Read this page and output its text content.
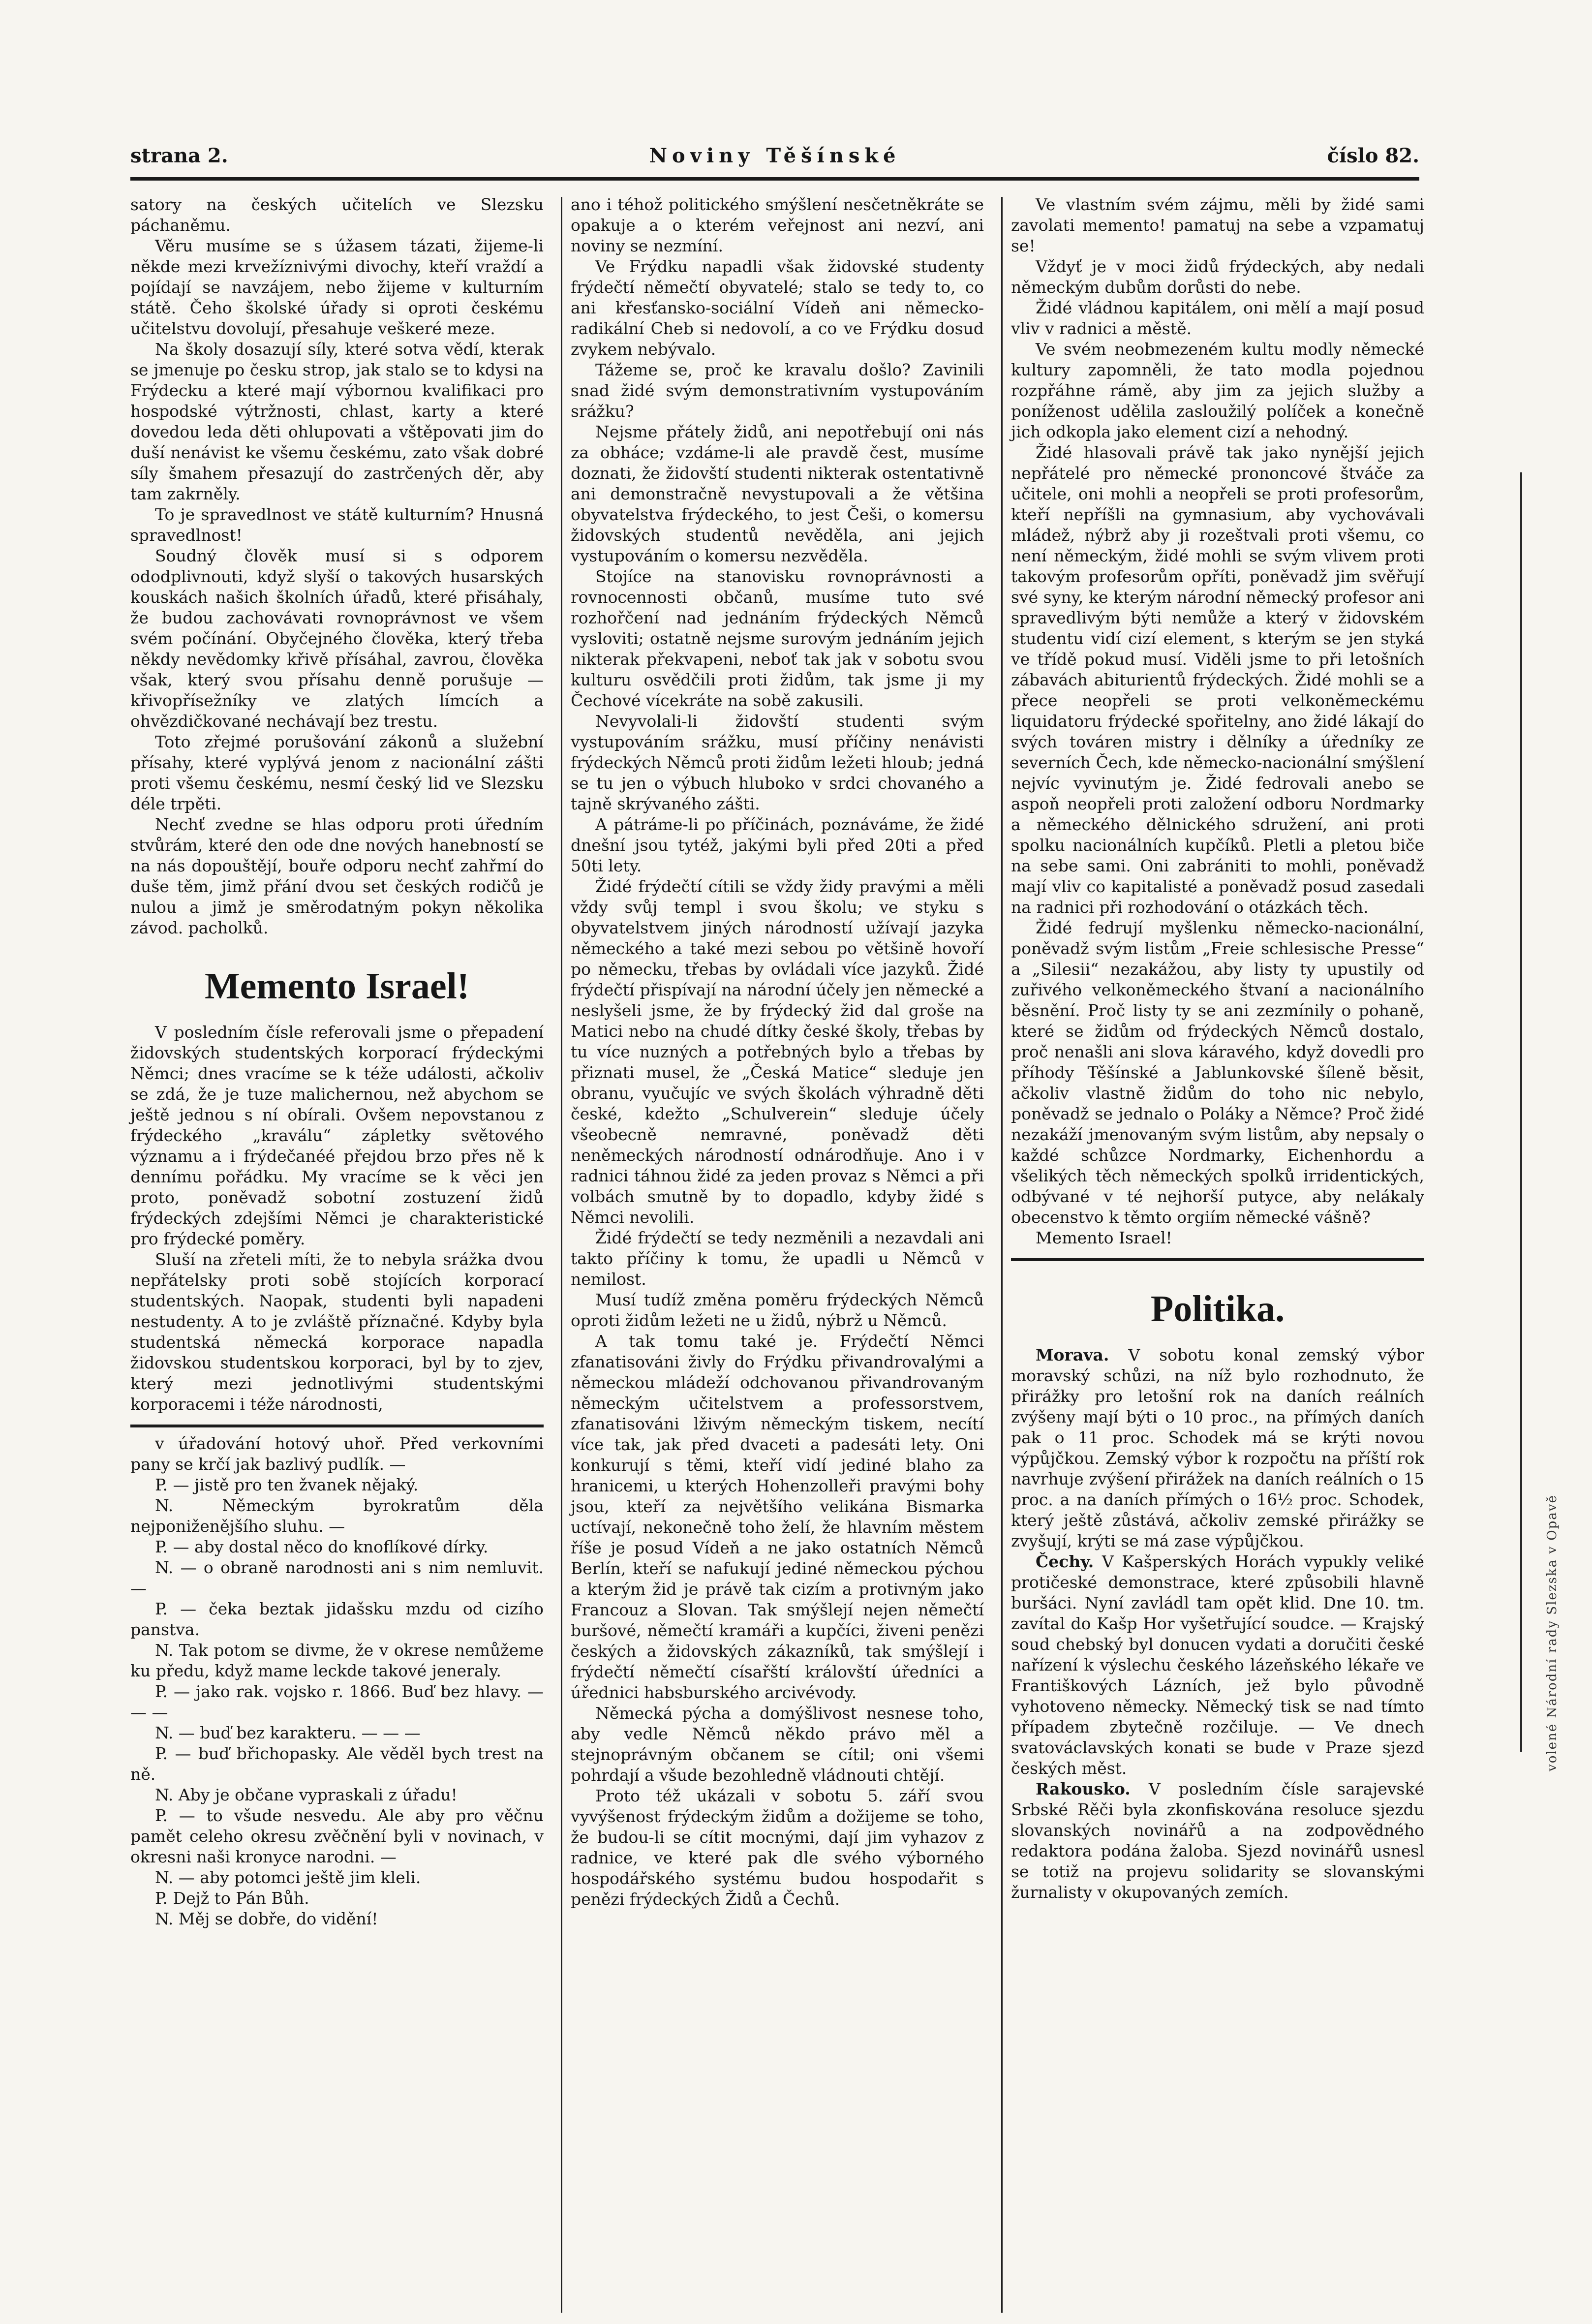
strana 2.	Noviny Těšínské	číslo 82.

satory na českých učitelích ve Slezsku páchaněmu.

Věru musíme se s úžasem tázati, žijeme-li někde mezi krvežíznivými divochy, kteří vraždí a pojídají se navzájem, nebo žijeme v kulturním státě. Čeho školské úřady si oproti českému učitelstvu dovolují, přesahuje veškeré meze.

Na školy dosazují síly, které sotva vědí, kterak se jmenuje po česku strop, jak stalo se to kdysi na Frýdecku a které mají výbornou kvalifikaci pro hospodské výtržnosti, chlast, karty a které dovedou leda děti ohlupovati a vštěpovati jim do duší nenávist ke všemu českému, zato však dobré síly šmahem přesazují do zastrčených děr, aby tam zakrněly.

To je spravedlnost ve státě kulturním? Hnusná spravedlnost!

Soudný člověk musí si s odporem ododplivnouti, když slyší o takových husarských kouskách našich školních úřadů, které přisáhaly, že budou zachovávati rovnoprávnost ve všem svém počínání. Obyčejného člověka, který třeba někdy nevědomky křivě přísáhal, zavrou, člověka však, který svou přísahu denně porušuje — křivopřísežníky ve zlatých límcích a ohvězdičkované nechávají bez trestu.

Toto zřejmé porušování zákonů a služební přísahy, které vyplývá jenom z nacionální zášti proti všemu českému, nesmí český lid ve Slezsku déle trpěti.

Nechť zvedne se hlas odporu proti úředním stvůrám, které den ode dne nových hanebností se na nás dopouštějí, bouře odporu nechť zahřmí do duše těm, jimž přání dvou set českých rodičů je nulou a jimž je směrodatným pokyn několika závod. pacholků.

Memento Israel!

V posledním čísle referovali jsme o přepadení židovských studentských korporací frýdeckými Němci; dnes vracíme se k téže události, ačkoliv se zdá, že je tuze malichernou, než abychom se ještě jednou s ní obírali. Ovšem nepovstanou z frýdeckého „kraválu“ zápletky světového významu a i frýdečanéé přejdou brzo přes ně k dennímu pořádku. My vracíme se k věci jen proto, poněvadž sobotní zostuzení židů frýdeckých zdejšími Němci je charakteristické pro frýdecké poměry.

Sluší na zřeteli míti, že to nebyla srážka dvou nepřátelsky proti sobě stojících korporací studentských. Naopak, studenti byli napadeni nestudenty. A to je zvláště příznačné. Kdyby byla studentská německá korporace napadla židovskou studentskou korporaci, byl by to zjev, který mezi jednotlivými studentskými korporacemi i téže národnosti,

v úřadování hotový uhoř. Před verkovními pany se krčí jak bazlivý pudlík. —

P. — jistě pro ten žvanek nějaký.

N. Německým byrokratům děla nejponiženějšího sluhu. —

P. — aby dostal něco do knoflíkové dírky.

N. — o obraně narodnosti ani s nim nemluvit. —

P. — čeka beztak jidašsku mzdu od cizího panstva.

N. Tak potom se divme, že v okrese nemůžeme ku předu, když mame leckde takové jeneraly.

P. — jako rak. vojsko r. 1866. Buď bez hlavy. — — —

N. — buď bez karakteru. — — —

P. — buď břichopasky. Ale věděl bych trest na ně.

N. Aby je občane vypraskali z úřadu!

P. — to všude nesvedu. Ale aby pro věčnu pamět celeho okresu zvěčnění byli v novinach, v okresni naši kronyce narodni. —

N. — aby potomci ještě jim kleli.

P. Dejž to Pán Bůh.

N. Měj se dobře, do vidění!

ano i téhož politického smýšlení nesčetněkráte se opakuje a o kterém veřejnost ani nezví, ani noviny se nezmíní.

Ve Frýdku napadli však židovské studenty frýdečtí němečtí obyvatelé; stalo se tedy to, co ani křesťansko-sociální Vídeň ani německo-radikální Cheb si nedovolí, a co ve Frýdku dosud zvykem nebývalo.

Tážeme se, proč ke kravalu došlo? Zavinili snad židé svým demonstrativním vystupováním srážku?

Nejsme přátely židů, ani nepotřebují oni nás za obháce; vzdáme-li ale pravdě čest, musíme doznati, že židovští studenti nikterak ostentativně ani demonstračně nevystupovali a že většina obyvatelstva frýdeckého, to jest Češi, o komersu židovských studentů nevěděla, ani jejich vystupováním o komersu nezvěděla.

Stojíce na stanovisku rovnoprávnosti a rovnocennosti občanů, musíme tuto své rozhořčení nad jednáním frýdeckých Němců vysloviti; ostatně nejsme surovým jednáním jejich nikterak překvapeni, neboť tak jak v sobotu svou kulturu osvědčili proti židům, tak jsme ji my Čechové vícekráte na sobě zakusili.

Nevyvolali-li židovští studenti svým vystupováním srážku, musí příčiny nenávisti frýdeckých Němců proti židům ležeti hloub; jedná se tu jen o výbuch hluboko v srdci chovaného a tajně skrývaného zášti.

A pátráme-li po příčinách, poznáváme, že židé dnešní jsou tytéž, jakými byli před 20ti a před 50ti lety.

Židé frýdečtí cítili se vždy židy pravými a měli vždy svůj templ i svou školu; ve styku s obyvatelstvem jiných národností užívají jazyka německého a také mezi sebou po většině hovoří po německu, třebas by ovládali více jazyků. Židé frýdečtí přispívají na národní účely jen německé a neslyšeli jsme, že by frýdecký žid dal groše na Matici nebo na chudé dítky české školy, třebas by tu více nuzných a potřebných bylo a třebas by přiznati musel, že „Česká Matice“ sleduje jen obranu, vyučujíc ve svých školách výhradně děti české, kdežto „Schulverein“ sleduje účely všeobecně nemravné, poněvadž děti neněmeckých národností odnárodňuje. Ano i v radnici táhnou židé za jeden provaz s Němci a při volbách smutně by to dopadlo, kdyby židé s Němci nevolili.

Židé frýdečtí se tedy nezměnili a nezavdali ani takto příčiny k tomu, že upadli u Němců v nemilost.

Musí tudíž změna poměru frýdeckých Němců oproti židům ležeti ne u židů, nýbrž u Němců.

A tak tomu také je. Frýdečtí Němci zfanatisováni živly do Frýdku přivandrovalými a německou mládeží odchovanou přivandrovaným německým učitelstvem a professorstvem, zfanatisováni lživým německým tiskem, necítí více tak, jak před dvaceti a padesáti lety. Oni konkurují s těmi, kteří vidí jediné blaho za hranicemi, u kterých Hohenzolleři pravými bohy jsou, kteří za největšího velikána Bismarka uctívají, nekonečně toho želí, že hlavním městem říše je posud Vídeň a ne jako ostatních Němců Berlín, kteří se nafukují jediné německou pýchou a kterým žid je právě tak cizím a protivným jako Francouz a Slovan. Tak smýšlejí nejen němečtí buršové, němečtí kramáři a kupčíci, živeni penězi českých a židovských zákazníků, tak smýšlejí i frýdečtí němečtí císařští královští úředníci a úřednici habsburského arcivévody.

Německá pýcha a domýšlivost nesnese toho, aby vedle Němců někdo právo měl a stejnoprávným občanem se cítil; oni všemi pohrdají a všude bezohledně vládnouti chtějí.

Proto též ukázali v sobotu 5. září svou vyvýšenost frýdeckým židům a dožijeme se toho, že budou-li se cítit mocnými, dají jim vyhazov z radnice, ve které pak dle svého výborného hospodářského systému budou hospodařit s penězi frýdeckých Židů a Čechů.

Ve vlastním svém zájmu, měli by židé sami zavolati memento! pamatuj na sebe a vzpamatuj se!

Vždyť je v moci židů frýdeckých, aby nedali německým dubům dorůsti do nebe.

Židé vládnou kapitálem, oni mělí a mají posud vliv v radnici a městě.

Ve svém neobmezeném kultu modly německé kultury zapomněli, že tato modla pojednou rozpřáhne rámě, aby jim za jejich služby a poníženost udělila zasloužilý políček a konečně jich odkopla jako element cizí a nehodný.

Židé hlasovali právě tak jako nynější jejich nepřátelé pro německé prononcové štváče za učitele, oni mohli a neopřeli se proti profesorům, kteří nepříšli na gymnasium, aby vychovávali mládež, nýbrž aby ji rozeštvali proti všemu, co není německým, židé mohli se svým vlivem proti takovým profesorům opříti, poněvadž jim svěřují své syny, ke kterým národní německý profesor ani spravedlivým býti nemůže a který v židovském studentu vidí cizí element, s kterým se jen styká ve třídě pokud musí. Viděli jsme to při letošních zábavách abiturientů frýdeckých. Židé mohli se a přece neopřeli se proti velkoněmeckému liquidatoru frýdecké spořitelny, ano židé lákají do svých továren mistry i dělníky a úředníky ze severních Čech, kde německo-nacionální smýšlení nejvíc vyvinutým je. Židé fedrovali anebo se aspoň neopřeli proti založení odboru Nordmarky a německého dělnického sdružení, ani proti spolku nacionálních kupčíků. Pletli a pletou biče na sebe sami. Oni zabrániti to mohli, poněvadž mají vliv co kapitalisté a poněvadž posud zasedali na radnici při rozhodování o otázkách těch.

Židé fedrují myšlenku německo-nacionální, poněvadž svým listům „Freie schlesische Presse“ a „Silesii“ nezakážou, aby listy ty upustily od zuřivého velkoněmeckého štvaní a nacionálního běsnění. Proč listy ty se ani zezmínily o pohaně, které se židům od frýdeckých Němců dostalo, proč nenašli ani slova káravého, když dovedli pro příhody Těšínské a Jablunkovské šíleně běsit, ačkoliv vlastně židům do toho nic nebylo, poněvadž se jednalo o Poláky a Němce? Proč židé nezakáží jmenovaným svým listům, aby nepsaly o každé schůzce Nordmarky, Eichenhordu a všelikých těch německých spolků irridentických, odbývané v té nejhorší putyce, aby nelákaly obecenstvo k těmto orgiím německé vášně?

Memento Israel!

Politika.

Morava. V sobotu konal zemský výbor moravský schůzi, na níž bylo rozhodnuto, že přirážky pro letošní rok na daních reálních zvýšeny mají býti o 10 proc., na přímých daních pak o 11 proc. Schodek má se krýti novou výpůjčkou. Zemský výbor k rozpočtu na příští rok navrhuje zvýšení přirážek na daních reálních o 15 proc. a na daních přímých o 16½ proc. Schodek, který ještě zůstává, ačkoliv zemské přirážky se zvyšují, krýti se má zase výpůjčkou.

Čechy. V Kašperských Horách vypukly veliké protičeské demonstrace, které způsobili hlavně buršáci. Nyní zavládl tam opět klid. Dne 10. tm. zavítal do Kašp Hor vyšetřující soudce. — Krajský soud chebský byl donucen vydati a doručiti české nařízení k výslechu českého lázeňského lékaře ve Františkových Lázních, jež bylo původně vyhotoveno německy. Německý tisk se nad tímto případem zbytečně rozčiluje. — Ve dnech svatováclavských konati se bude v Praze sjezd českých měst.

Rakousko. V posledním čísle sarajevské Srbské Rěči byla zkonfiskována resoluce sjezdu slovanských novinářů a na zodpovědného redaktora podána žaloba. Sjezd novinářů usnesl se totiž na projevu solidarity se slovanskými žurnalisty v okupovaných zemích.

volené Národní rady Slezska v Opavě
